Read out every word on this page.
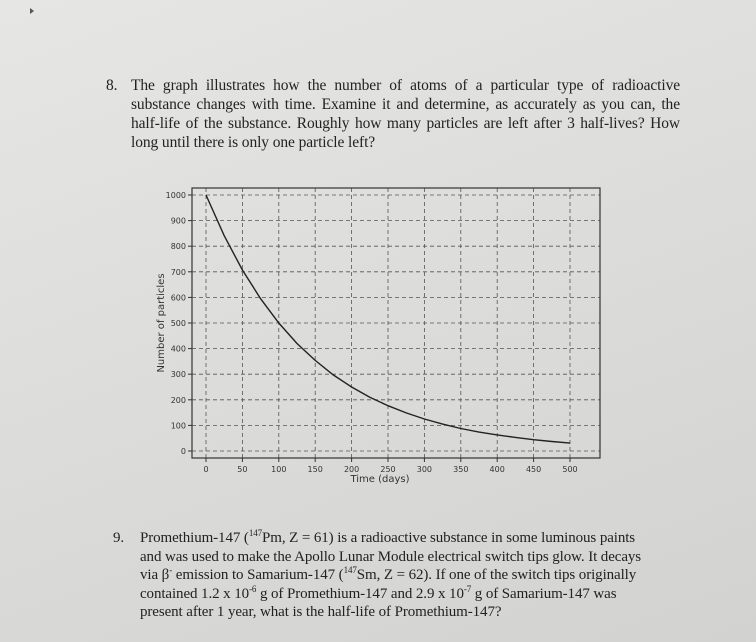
8. The graph illustrates how the number of atoms of a particular type of radioactive substance changes with time. Examine it and determine, as accurately as you can, the half-life of the substance. Roughly how many particles are left after 3 half-lives? How long until there is only one particle left?
0
100
200
300
400
500
600
700
800
900
1000
0	50	100	150	200	250	300	350	400	450	500
Time (days)
Number of particles
9. Promethium-147 ($^{147}$Pm, Z = 61) is a radioactive substance in some luminous paints
and was used to make the Apollo Lunar Module electrical switch tips glow. It decays
via β- emission to Samarium-147 ($^{147}$Sm, Z = 62). If one of the switch tips originally
contained 1.2 x $10^{-6}$ g of Promethium-147 and 2.9 x $10^{-7}$ g of Samarium-147 was
present after 1 year, what is the half-life of Promethium-147?
